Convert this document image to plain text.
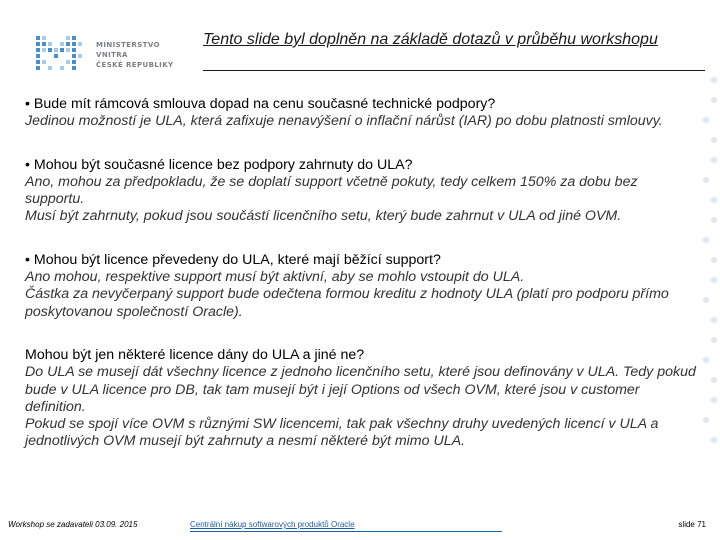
MINISTERSTVO VNITRA
ČESKÉ REPUBLIKY
Tento slide byl doplněn na základě dotazů v průběhu workshopu
• Bude mít rámcová smlouva dopad na cenu současné technické podpory?
Jedinou možností je ULA, která zafixuje nenavýšení o inflační nárůst (IAR) po dobu platnosti smlouvy.
• Mohou být současné licence bez podpory zahrnuty do ULA?
Ano, mohou za předpokladu, že se doplatí support včetně pokuty, tedy celkem 150% za dobu bez supportu.
Musí být zahrnuty, pokud jsou součástí licenčního setu, který bude zahrnut v ULA od jiné OVM.
• Mohou být licence převedeny do ULA, které mají běžící support?
Ano mohou, respektive support musí být aktivní, aby se mohlo vstoupit do ULA.
Částka za nevyčerpaný support bude odečtena formou kreditu z hodnoty ULA (platí pro podporu přímo poskytovanou společností Oracle).
Mohou být jen některé licence dány do ULA a jiné ne?
Do ULA se musejí dát všechny licence z jednoho licenčního setu, které jsou definovány v ULA. Tedy pokud bude v ULA licence pro DB, tak tam musejí být i její Options od všech OVM, které jsou v customer definition.
Pokud se spojí více OVM s různými SW licencemi, tak pak všechny druhy uvedených licencí v ULA a jednotlivých OVM musejí být zahrnuty a nesmí některé být mimo ULA.
Workshop se zadavateli 03.09. 2015	Centrální nákup softwarových produktů Oracle	slide 71
